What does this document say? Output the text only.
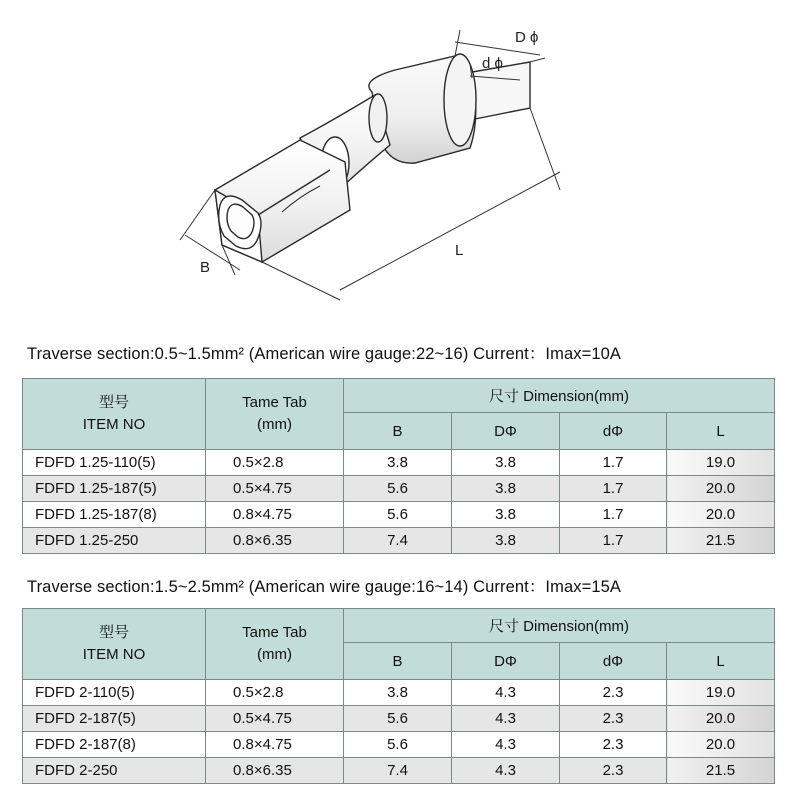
D ϕ
d ϕ
L
B
Traverse section:0.5~1.5mm² (American wire gauge:22~16) Current：Imax=10A
型号
ITEM NO	Tame Tab
(mm)	尺寸 Dimension(mm)			
		B	DΦ	dΦ	L
FDFD 1.25-110(5)	0.5×2.8	3.8	3.8	1.7	19.0
FDFD 1.25-187(5)	0.5×4.75	5.6	3.8	1.7	20.0
FDFD 1.25-187(8)	0.8×4.75	5.6	3.8	1.7	20.0
FDFD 1.25-250	0.8×6.35	7.4	3.8	1.7	21.5
Traverse section:1.5~2.5mm² (American wire gauge:16~14) Current：Imax=15A
型号
ITEM NO	Tame Tab
(mm)	尺寸 Dimension(mm)			
		B	DΦ	dΦ	L
FDFD 2-110(5)	0.5×2.8	3.8	4.3	2.3	19.0
FDFD 2-187(5)	0.5×4.75	5.6	4.3	2.3	20.0
FDFD 2-187(8)	0.8×4.75	5.6	4.3	2.3	20.0
FDFD 2-250	0.8×6.35	7.4	4.3	2.3	21.5
